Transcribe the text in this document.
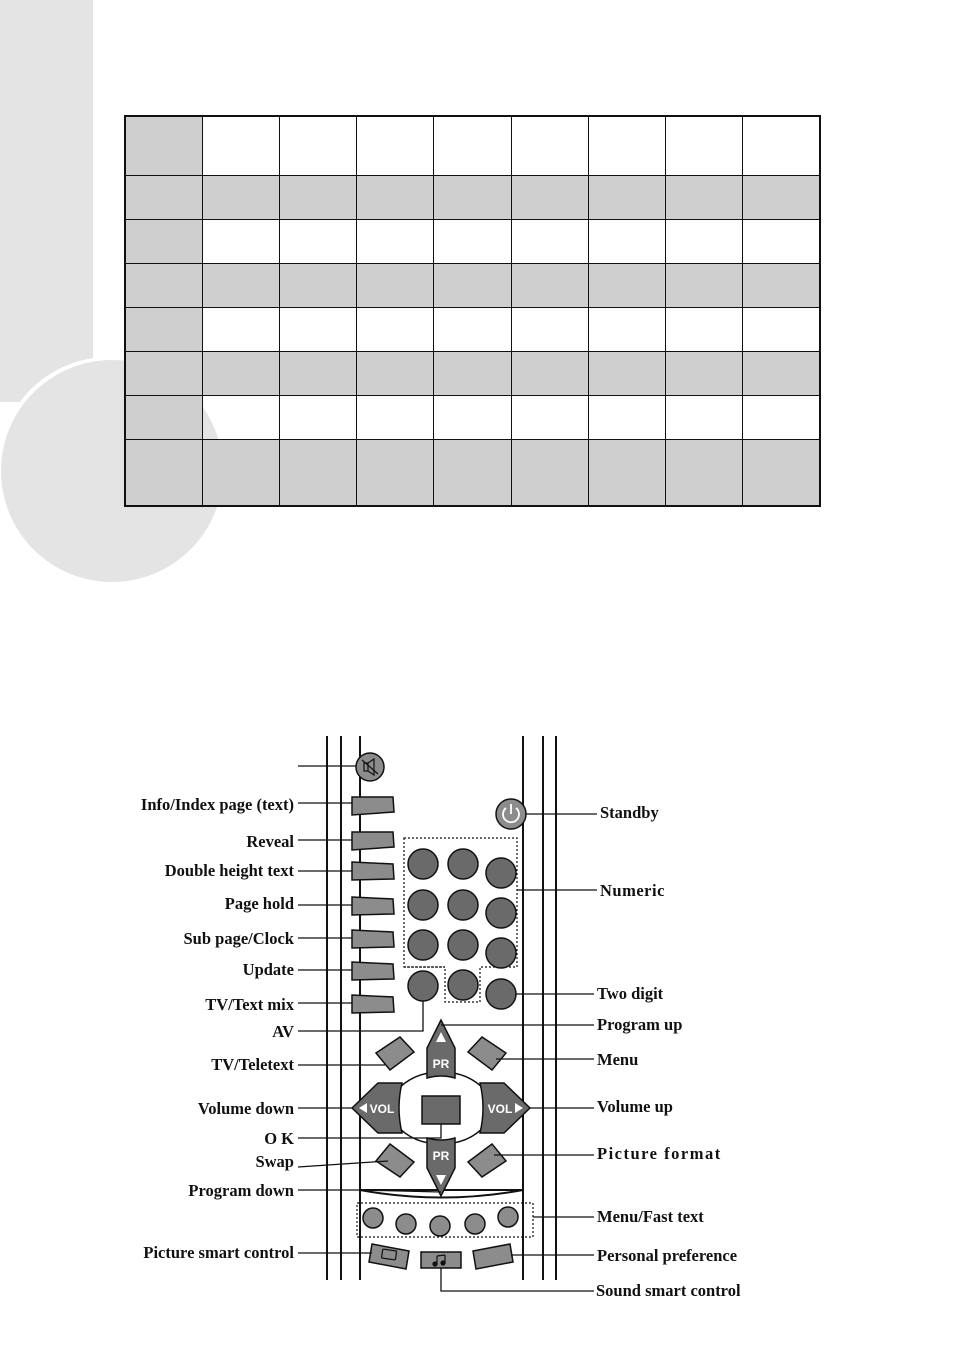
PR
PR
VOL	VOL
Info/Index page (text)
Reveal
Double height text
Page hold
Sub page/Clock
Update
TV/Text mix
AV
TV/Teletext
Volume down
O K
Swap
Program down
Picture smart control
Standby
Numeric
Two digit
Program up
Menu
Volume up
Picture format
Menu/Fast text
Personal preference
Sound smart control
